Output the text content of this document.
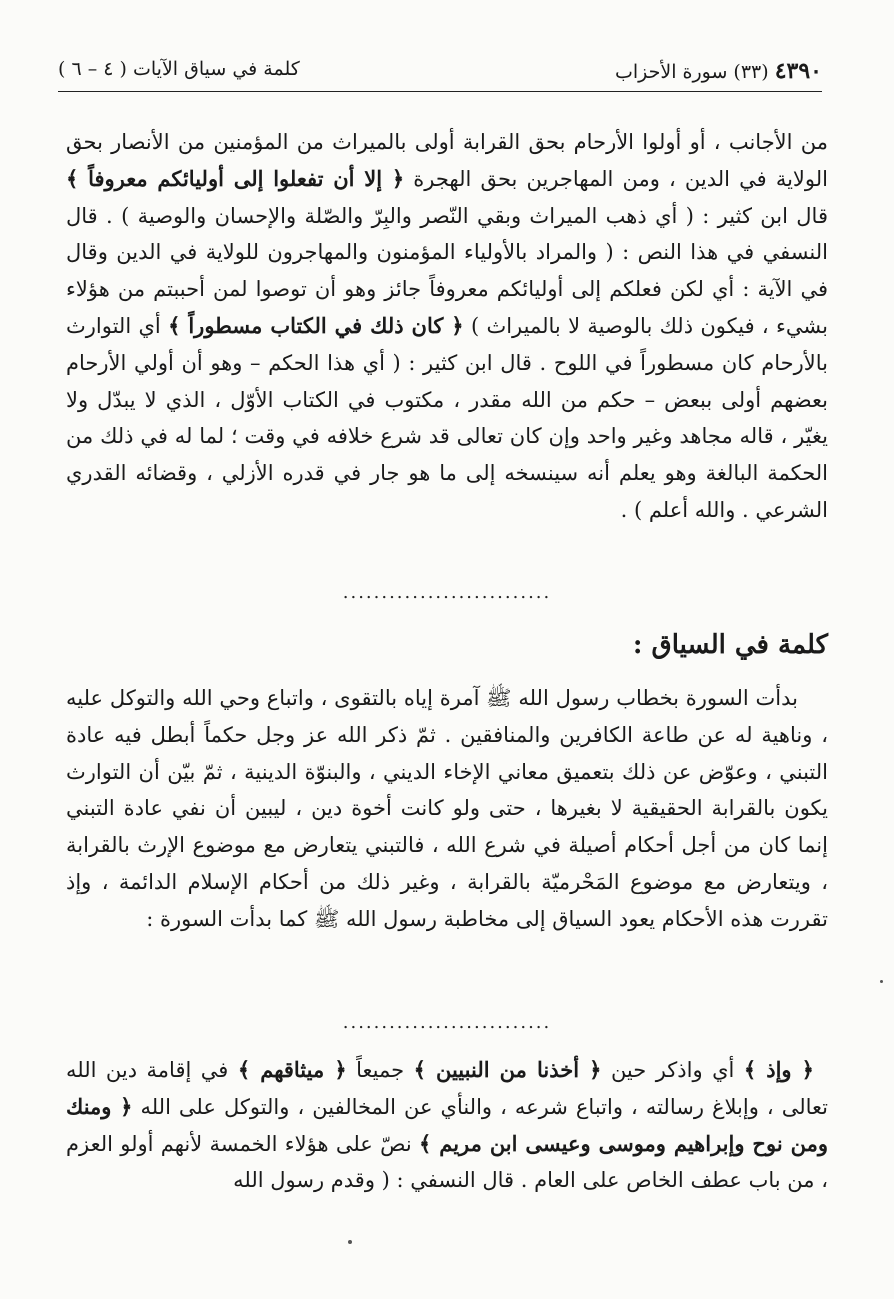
٤٣٩٠ (٣٣) سورة الأحزاب
كلمة في سياق الآيات ( ٤ – ٦ )
من الأجانب ، أو أولوا الأرحام بحق القرابة أولى بالميراث من المؤمنين من الأنصار بحق الولاية في الدين ، ومن المهاجرين بحق الهجرة ﴿ إلا أن تفعلوا إلى أوليائكم معروفاً ﴾ قال ابن كثير : ( أي ذهب الميراث وبقي النّصر والبِرّ والصّلة والإحسان والوصية ) . قال النسفي في هذا النص : ( والمراد بالأولياء المؤمنون والمهاجرون للولاية في الدين وقال في الآية : أي لكن فعلكم إلى أوليائكم معروفاً جائز وهو أن توصوا لمن أحببتم من هؤلاء بشيء ، فيكون ذلك بالوصية لا بالميراث ) ﴿ كان ذلك في الكتاب مسطوراً ﴾ أي التوارث بالأرحام كان مسطوراً في اللوح . قال ابن كثير : ( أي هذا الحكم – وهو أن أولي الأرحام بعضهم أولى ببعض – حكم من الله مقدر ، مكتوب في الكتاب الأوّل ، الذي لا يبدّل ولا يغيّر ، قاله مجاهد وغير واحد وإن كان تعالى قد شرع خلافه في وقت ؛ لما له في ذلك من الحكمة البالغة وهو يعلم أنه سينسخه إلى ما هو جار في قدره الأزلي ، وقضائه القدري الشرعي . والله أعلم ) .
...........................
كلمة في السياق :
بدأت السورة بخطاب رسول الله ﷺ آمرة إياه بالتقوى ، واتباع وحي الله والتوكل عليه ، وناهية له عن طاعة الكافرين والمنافقين . ثمّ ذكر الله عز وجل حكماً أبطل فيه عادة التبني ، وعوّض عن ذلك بتعميق معاني الإخاء الديني ، والبنوّة الدينية ، ثمّ بيّن أن التوارث يكون بالقرابة الحقيقية لا بغيرها ، حتى ولو كانت أخوة دين ، ليبين أن نفي عادة التبني إنما كان من أجل أحكام أصيلة في شرع الله ، فالتبني يتعارض مع موضوع الإرث بالقرابة ، ويتعارض مع موضوع المَحْرميّة بالقرابة ، وغير ذلك من أحكام الإسلام الدائمة ، وإذ تقررت هذه الأحكام يعود السياق إلى مخاطبة رسول الله ﷺ كما بدأت السورة :
...........................
﴿ وإذ ﴾ أي واذكر حين ﴿ أخذنا من النبيين ﴾ جميعاً ﴿ ميثاقهم ﴾ في إقامة دين الله تعالى ، وإبلاغ رسالته ، واتباع شرعه ، والنأي عن المخالفين ، والتوكل على الله ﴿ ومنك ومن نوح وإبراهيم وموسى وعيسى ابن مريم ﴾ نصّ على هؤلاء الخمسة لأنهم أولو العزم ، من باب عطف الخاص على العام . قال النسفي : ( وقدم رسول الله
